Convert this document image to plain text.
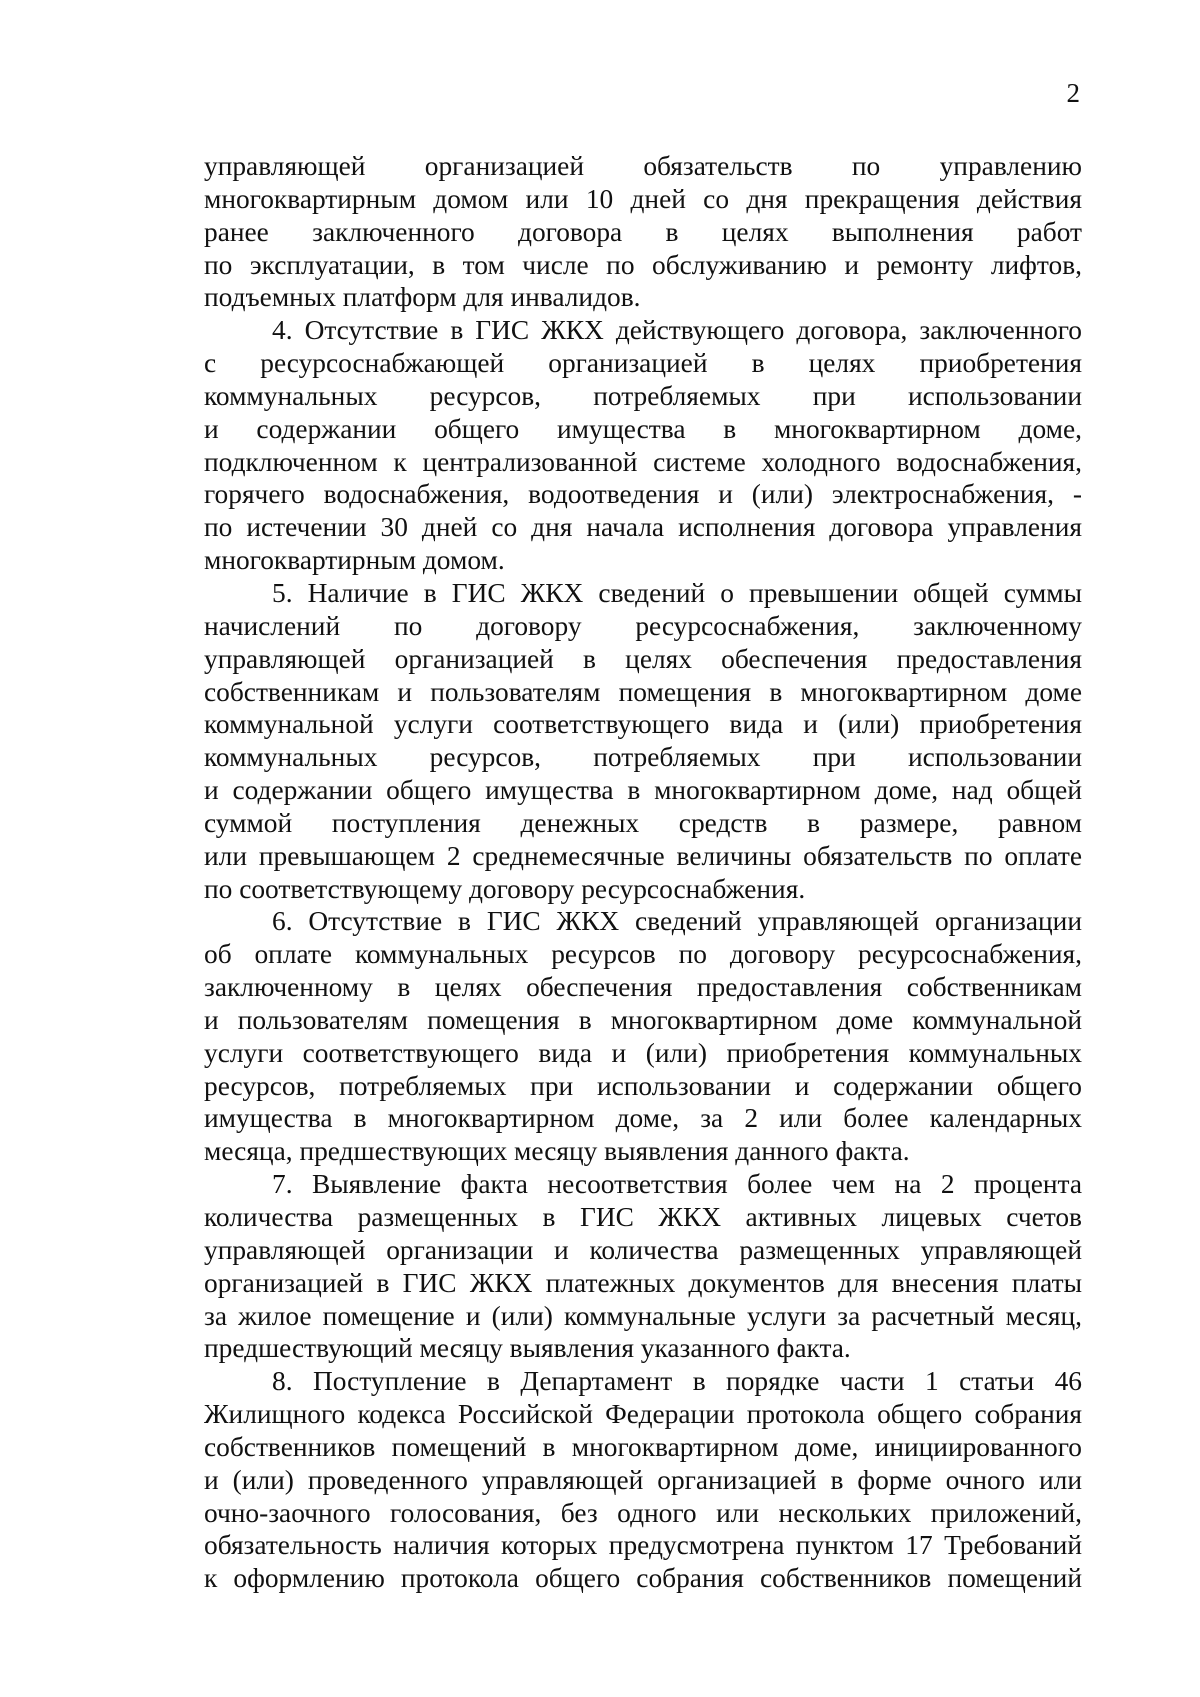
2

управляющей организацией обязательств по управлению
многоквартирным домом или 10 дней со дня прекращения действия
ранее заключенного договора в целях выполнения работ
по эксплуатации, в том числе по обслуживанию и ремонту лифтов,
подъемных платформ для инвалидов.

4. Отсутствие в ГИС ЖКХ действующего договора, заключенного
с ресурсоснабжающей организацией в целях приобретения
коммунальных ресурсов, потребляемых при использовании
и содержании общего имущества в многоквартирном доме,
подключенном к централизованной системе холодного водоснабжения,
горячего водоснабжения, водоотведения и (или) электроснабжения, -
по истечении 30 дней со дня начала исполнения договора управления
многоквартирным домом.

5. Наличие в ГИС ЖКХ сведений о превышении общей суммы
начислений по договору ресурсоснабжения, заключенному
управляющей организацией в целях обеспечения предоставления
собственникам и пользователям помещения в многоквартирном доме
коммунальной услуги соответствующего вида и (или) приобретения
коммунальных ресурсов, потребляемых при использовании
и содержании общего имущества в многоквартирном доме, над общей
суммой поступления денежных средств в размере, равном
или превышающем 2 среднемесячные величины обязательств по оплате
по соответствующему договору ресурсоснабжения.

6. Отсутствие в ГИС ЖКХ сведений управляющей организации
об оплате коммунальных ресурсов по договору ресурсоснабжения,
заключенному в целях обеспечения предоставления собственникам
и пользователям помещения в многоквартирном доме коммунальной
услуги соответствующего вида и (или) приобретения коммунальных
ресурсов, потребляемых при использовании и содержании общего
имущества в многоквартирном доме, за 2 или более календарных
месяца, предшествующих месяцу выявления данного факта.

7. Выявление факта несоответствия более чем на 2 процента
количества размещенных в ГИС ЖКХ активных лицевых счетов
управляющей организации и количества размещенных управляющей
организацией в ГИС ЖКХ платежных документов для внесения платы
за жилое помещение и (или) коммунальные услуги за расчетный месяц,
предшествующий месяцу выявления указанного факта.

8. Поступление в Департамент в порядке части 1 статьи 46
Жилищного кодекса Российской Федерации протокола общего собрания
собственников помещений в многоквартирном доме, инициированного
и (или) проведенного управляющей организацией в форме очного или
очно-заочного голосования, без одного или нескольких приложений,
обязательность наличия которых предусмотрена пунктом 17 Требований
к оформлению протокола общего собрания собственников помещений
